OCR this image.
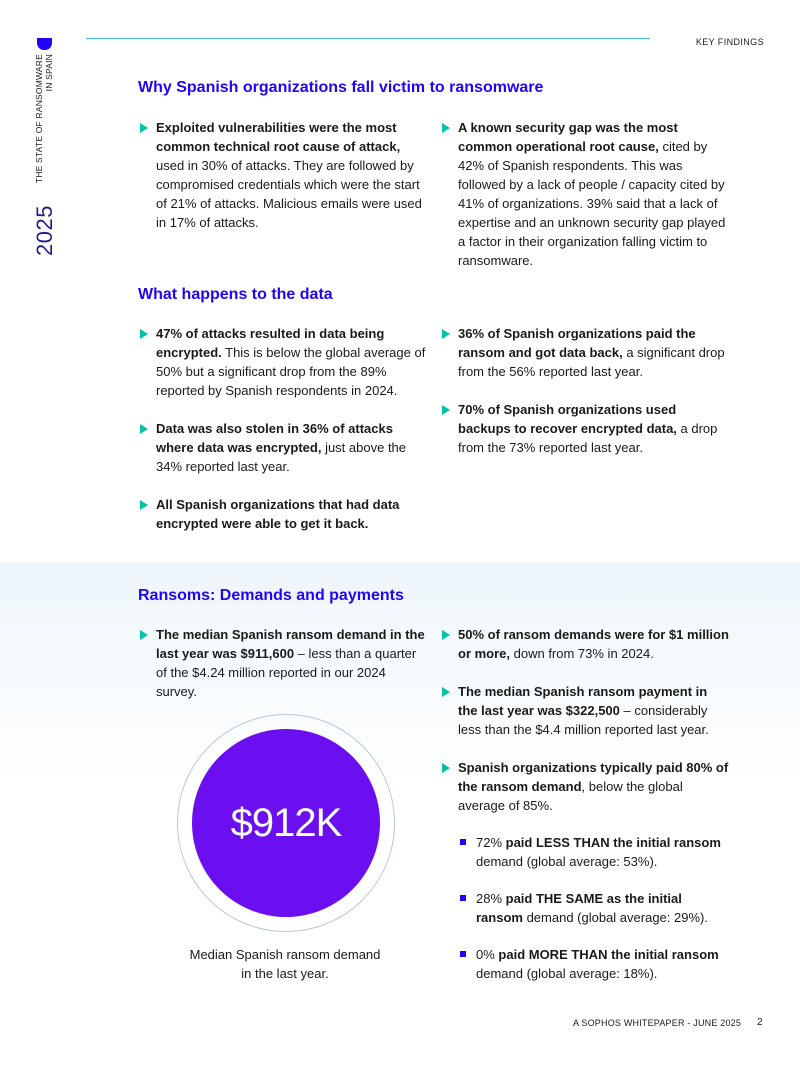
KEY FINDINGS
THE STATE OF RANSOMWARE IN SPAIN
2025
Why Spanish organizations fall victim to ransomware
Exploited vulnerabilities were the most common technical root cause of attack, used in 30% of attacks. They are followed by compromised credentials which were the start of 21% of attacks. Malicious emails were used in 17% of attacks.
A known security gap was the most common operational root cause, cited by 42% of Spanish respondents. This was followed by a lack of people / capacity cited by 41% of organizations. 39% said that a lack of expertise and an unknown security gap played a factor in their organization falling victim to ransomware.
What happens to the data
47% of attacks resulted in data being encrypted. This is below the global average of 50% but a significant drop from the 89% reported by Spanish respondents in 2024.
Data was also stolen in 36% of attacks where data was encrypted, just above the 34% reported last year.
All Spanish organizations that had data encrypted were able to get it back.
36% of Spanish organizations paid the ransom and got data back, a significant drop from the 56% reported last year.
70% of Spanish organizations used backups to recover encrypted data, a drop from the 73% reported last year.
Ransoms: Demands and payments
The median Spanish ransom demand in the last year was $911,600 – less than a quarter of the $4.24 million reported in our 2024 survey.
50% of ransom demands were for $1 million or more, down from 73% in 2024.
The median Spanish ransom payment in the last year was $322,500 – considerably less than the $4.4 million reported last year.
Spanish organizations typically paid 80% of the ransom demand, below the global average of 85%.
72% paid LESS THAN the initial ransom demand (global average: 53%).
28% paid THE SAME as the initial ransom demand (global average: 29%).
0% paid MORE THAN the initial ransom demand (global average: 18%).
$912K
Median Spanish ransom demand in the last year.
A SOPHOS WHITEPAPER - JUNE 2025 2
